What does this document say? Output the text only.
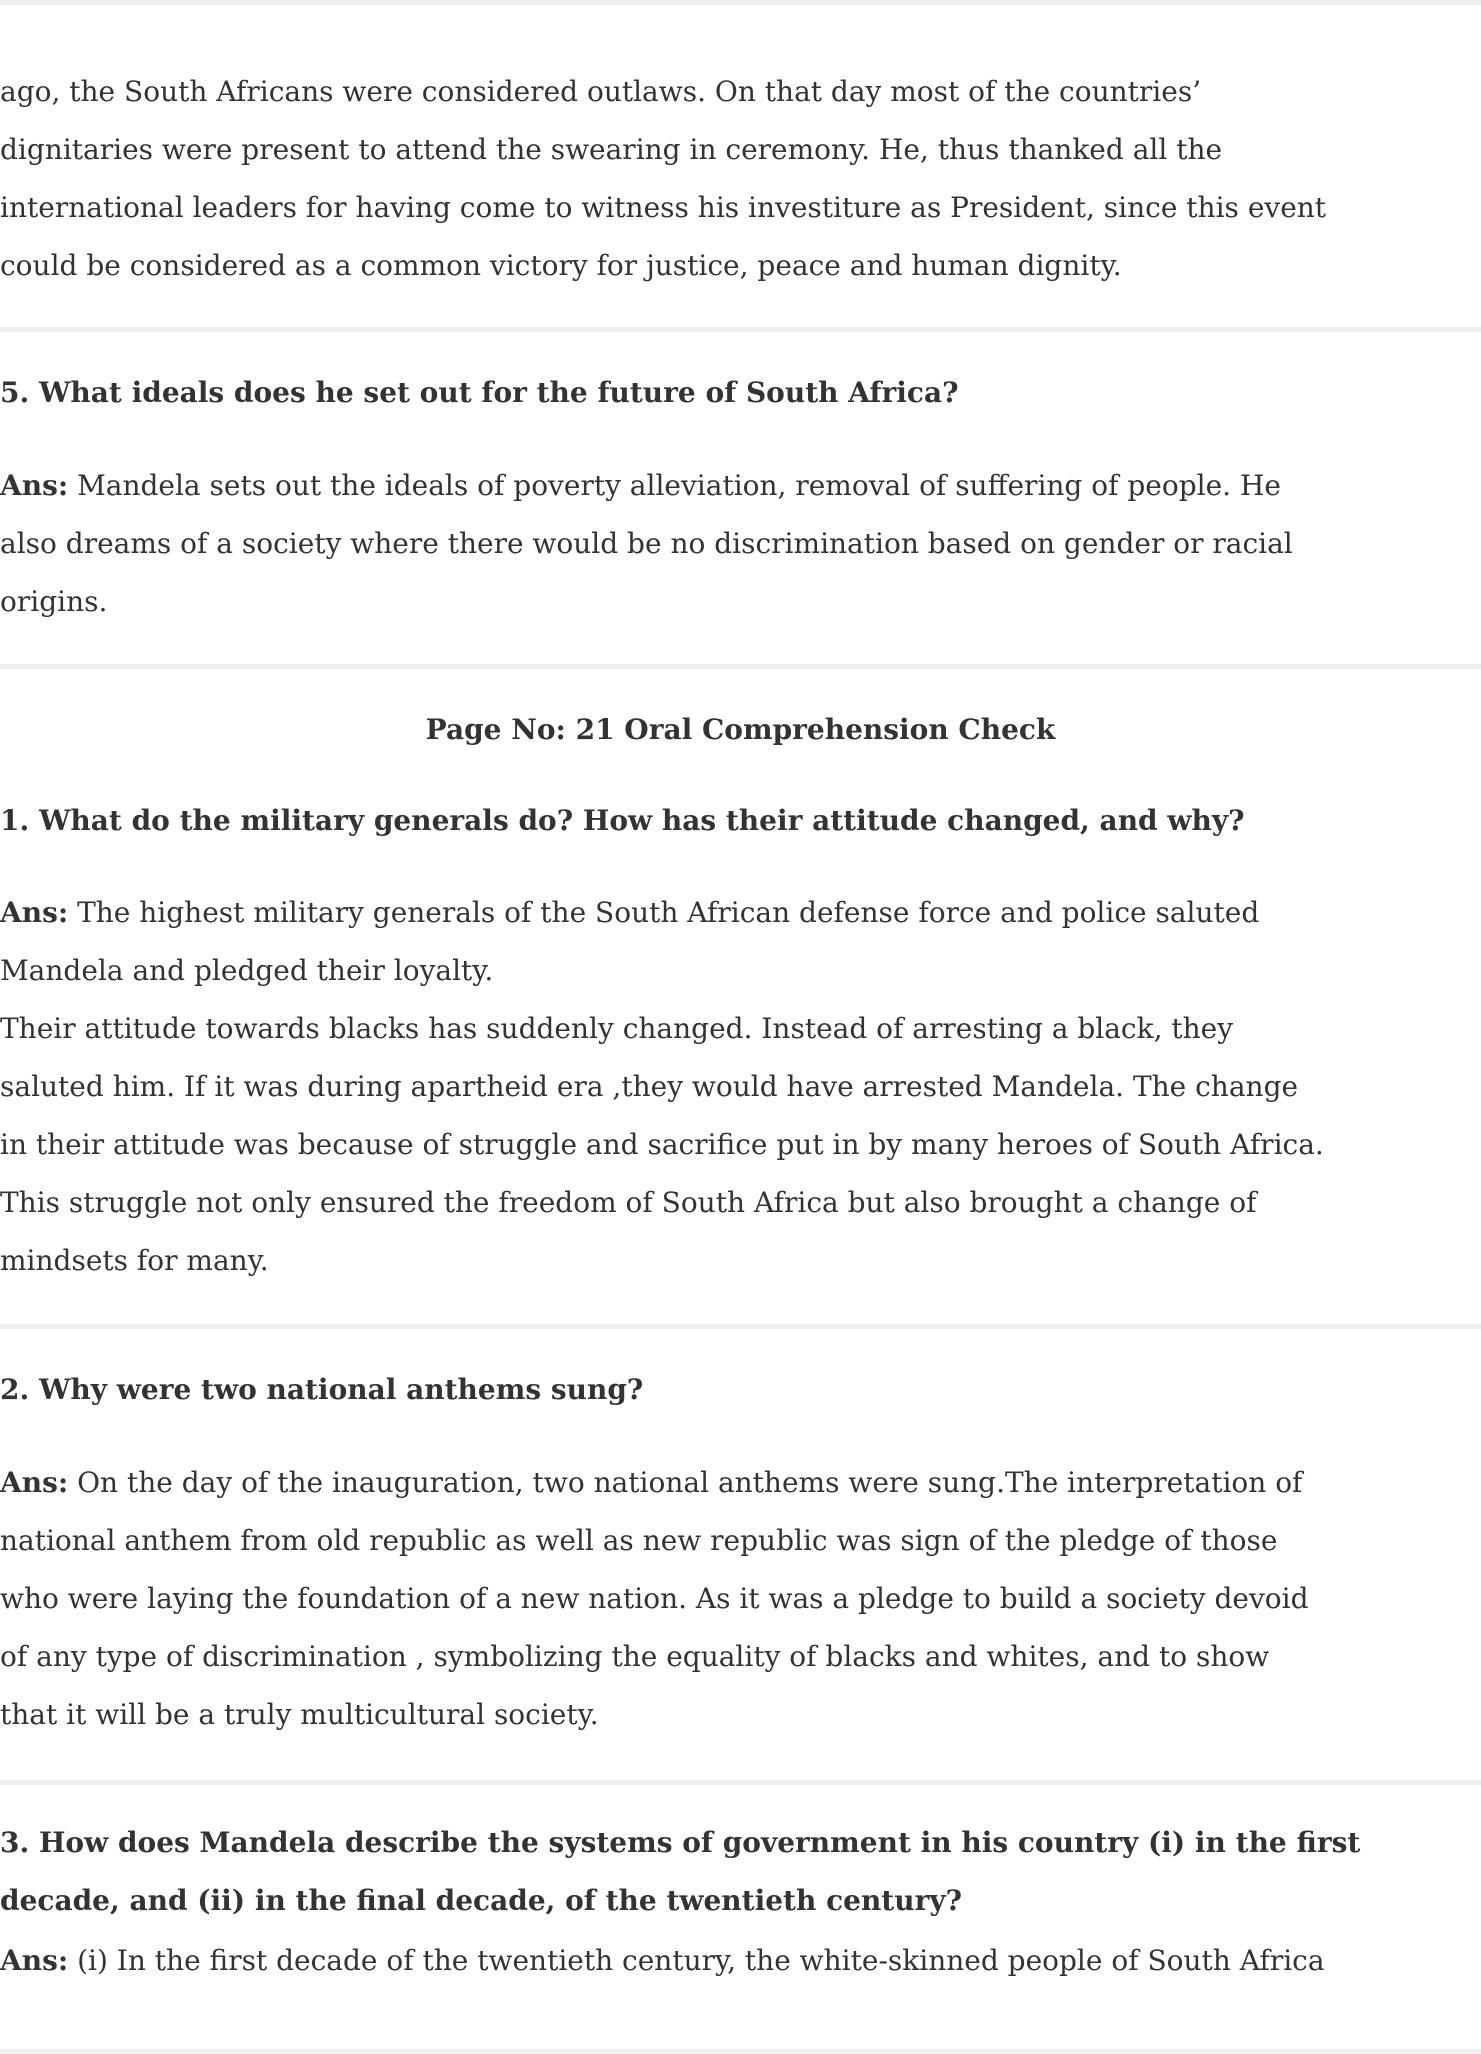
ago, the South Africans were considered outlaws. On that day most of the countries’
dignitaries were present to attend the swearing in ceremony. He, thus thanked all the
international leaders for having come to witness his investiture as President, since this event
could be considered as a common victory for justice, peace and human dignity.
5. What ideals does he set out for the future of South Africa?
Ans: Mandela sets out the ideals of poverty alleviation, removal of suffering of people. He
also dreams of a society where there would be no discrimination based on gender or racial
origins.
Page No: 21 Oral Comprehension Check
1. What do the military generals do? How has their attitude changed, and why?
Ans: The highest military generals of the South African defense force and police saluted
Mandela and pledged their loyalty.
Their attitude towards blacks has suddenly changed. Instead of arresting a black, they
saluted him. If it was during apartheid era ,they would have arrested Mandela. The change
in their attitude was because of struggle and sacrifice put in by many heroes of South Africa.
This struggle not only ensured the freedom of South Africa but also brought a change of
mindsets for many.
2. Why were two national anthems sung?
Ans: On the day of the inauguration, two national anthems were sung.The interpretation of
national anthem from old republic as well as new republic was sign of the pledge of those
who were laying the foundation of a new nation. As it was a pledge to build a society devoid
of any type of discrimination , symbolizing the equality of blacks and whites, and to show
that it will be a truly multicultural society.
3. How does Mandela describe the systems of government in his country (i) in the first
decade, and (ii) in the final decade, of the twentieth century?
Ans: (i) In the first decade of the twentieth century, the white-skinned people of South Africa
